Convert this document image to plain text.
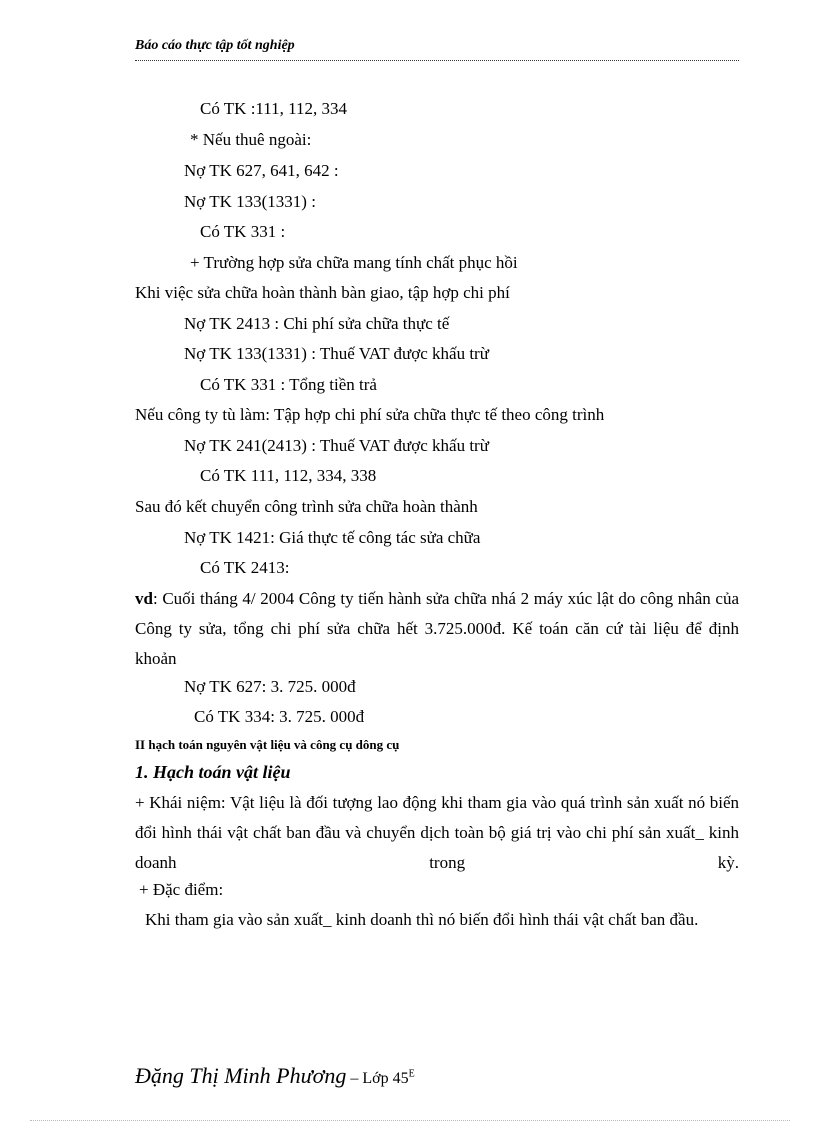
Báo cáo thực tập tốt nghiệp
Có TK :111, 112, 334
* Nếu thuê ngoài:
Nợ TK 627, 641, 642 :
Nợ TK 133(1331) :
Có TK 331 :
+ Trường hợp sửa chữa mang tính chất phục hồi
Khi việc sửa chữa hoàn thành bàn giao, tập hợp chi phí
Nợ TK 2413 : Chi phí sửa chữa thực tế
Nợ TK 133(1331) : Thuế VAT được khấu trừ
Có TK 331 : Tổng tiền trả
Nếu công ty tù làm: Tập hợp chi phí sửa chữa thực tế theo công trình
Nợ TK 241(2413) : Thuế VAT được khấu trừ
Có TK 111, 112, 334, 338
Sau đó kết chuyển công trình sửa chữa hoàn thành
Nợ TK 1421: Giá thực tế công tác sửa chữa
Có TK 2413:
vd: Cuối tháng 4/ 2004 Công ty tiến hành sửa chữa nhá 2 máy xúc lật do công nhân của Công ty sửa, tổng chi phí sửa chữa hết 3.725.000đ. Kế toán căn cứ tài liệu để định khoản
Nợ TK 627: 3. 725. 000đ
Có TK 334: 3. 725. 000đ
II hạch toán nguyên vật liệu và công cụ dông cụ
1. Hạch toán vật liệu
+ Khái niệm: Vật liệu là đối tượng lao động khi tham gia vào quá trình sản xuất nó biến đổi hình thái vật chất ban đầu và chuyển dịch toàn bộ giá trị vào chi phí sản xuất_ kinh doanh trong kỳ.
+ Đặc điểm:
Khi tham gia vào sản xuất_ kinh doanh thì nó biến đổi hình thái vật chất ban đầu.
Đặng Thị Minh Phương – Lớp $45^E$
